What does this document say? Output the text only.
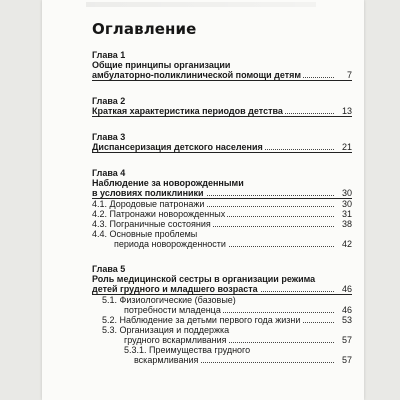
Оглавление
Глава 1
Общие принципы организации
амбулаторно-поликлинической помощи детям	7
Глава 2
Краткая характеристика периодов детства	13
Глава 3
Диспансеризация детского населения	21
Глава 4
Наблюдение за новорожденными
в условиях поликлиники	30
4.1. Дородовые патронажи	30
4.2. Патронажи новорожденных	31
4.3. Пограничные состояния	38
4.4. Основные проблемы
периода новорожденности	42
Глава 5
Роль медицинской сестры в организации режима
детей грудного и младшего возраста	46
5.1. Физиологические (базовые)
потребности младенца	46
5.2. Наблюдение за детьми первого года жизни	53
5.3. Организация и поддержка
грудного вскармливания	57
5.3.1. Преимущества грудного
вскармливания	57
